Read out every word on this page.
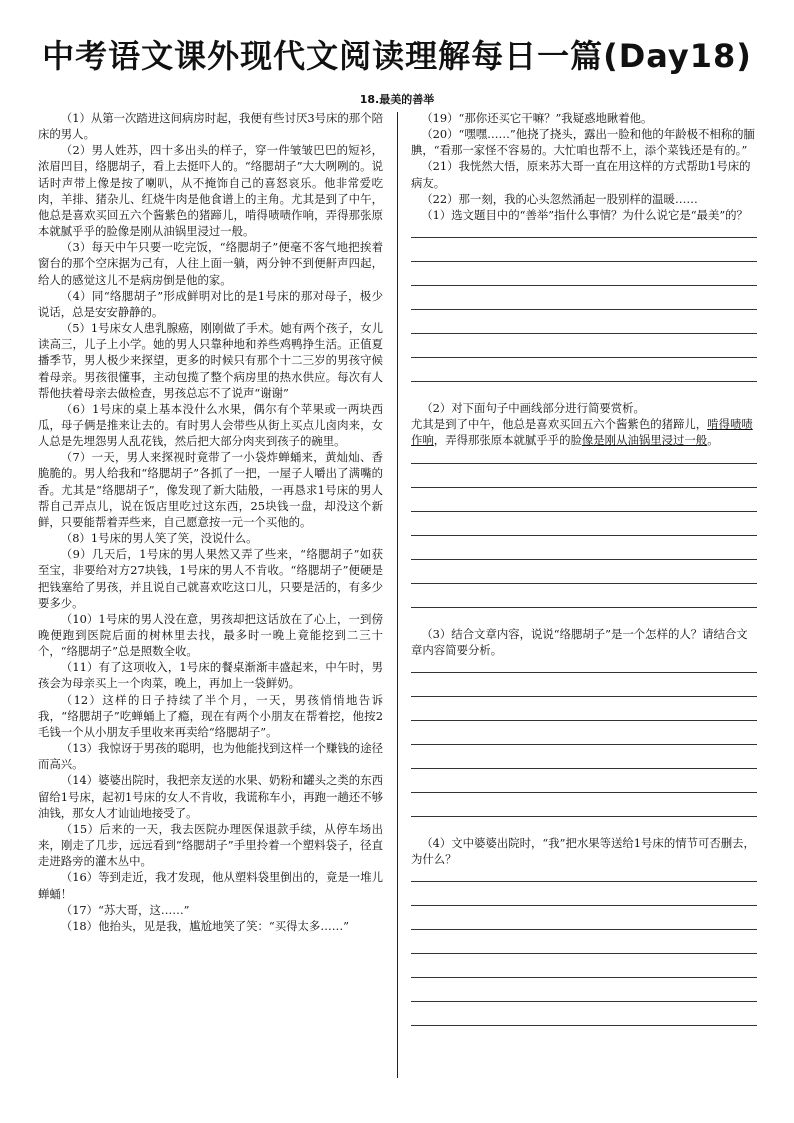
中考语文课外现代文阅读理解每日一篇(Day18)
18.最美的善举

（1）从第一次踏进这间病房时起，我便有些讨厌3号床的那个陪床的男人。

（2）男人姓苏，四十多出头的样子，穿一件皱皱巴巴的短衫，浓眉凹目，络腮胡子，看上去挺吓人的。“络腮胡子”大大咧咧的。说话时声带上像是按了喇叭，从不掩饰自己的喜怒哀乐。他非常爱吃肉，羊排、猪杂儿、红烧牛肉是他食谱上的主角。尤其是到了中午，他总是喜欢买回五六个酱紫色的猪蹄儿，啃得啧啧作响，弄得那张原本就腻乎乎的脸像是刚从油锅里浸过一般。

（3）每天中午只要一吃完饭，“络腮胡子”便毫不客气地把挨着窗台的那个空床据为己有，人往上面一躺，两分钟不到便鼾声四起，给人的感觉这儿不是病房倒是他的家。

（4）同“络腮胡子”形成鲜明对比的是1号床的那对母子，极少说话，总是安安静静的。

（5）1号床女人患乳腺癌，刚刚做了手术。她有两个孩子，女儿读高三，儿子上小学。她的男人只靠种地和养些鸡鸭挣生活。正值夏播季节，男人极少来探望，更多的时候只有那个十二三岁的男孩守候着母亲。男孩很懂事，主动包揽了整个病房里的热水供应。每次有人帮他扶着母亲去做检查，男孩总忘不了说声“谢谢”

（6）1号床的桌上基本没什么水果，偶尔有个苹果或一两块西瓜，母子俩是推来让去的。有时男人会带些从街上买点儿卤肉来，女人总是先埋怨男人乱花钱，然后把大部分肉夹到孩子的碗里。

（7）一天，男人来探视时竟带了一小袋炸蝉蛹来，黄灿灿、香脆脆的。男人给我和“络腮胡子”各抓了一把，一屋子人嚼出了满嘴的香。尤其是“络腮胡子”，像发现了新大陆般，一再恳求1号床的男人帮自己弄点儿，说在饭店里吃过这东西，25块钱一盘，却没这个新鲜，只要能帮着弄些来，自己愿意按一元一个买他的。

（8）1号床的男人笑了笑，没说什么。

（9）几天后，1号床的男人果然又弄了些来，“络腮胡子”如获至宝，非要给对方27块钱，1号床的男人不肯收。“络腮胡子”便硬是把钱塞给了男孩，并且说自己就喜欢吃这口儿，只要是活的，有多少要多少。

（10）1号床的男人没在意，男孩却把这话放在了心上，一到傍晚便跑到医院后面的树林里去找，最多时一晚上竟能挖到二三十个，“络腮胡子”总是照数全收。

（11）有了这项收入，1号床的餐桌渐渐丰盛起来，中午时，男孩会为母亲买上一个肉菜，晚上，再加上一袋鲜奶。

（12）这样的日子持续了半个月，一天，男孩悄悄地告诉我，“络腮胡子”吃蝉蛹上了瘾，现在有两个小朋友在帮着挖，他按2毛钱一个从小朋友手里收来再卖给“络腮胡子”。

（13）我惊讶于男孩的聪明，也为他能找到这样一个赚钱的途径而高兴。

（14）婆婆出院时，我把亲友送的水果、奶粉和罐头之类的东西留给1号床，起初1号床的女人不肯收，我谎称车小，再跑一趟还不够油钱，那女人才讪讪地接受了。

（15）后来的一天，我去医院办理医保退款手续，从停车场出来，刚走了几步，远远看到“络腮胡子”手里拎着一个塑料袋子，径直走进路旁的灌木丛中。

（16）等到走近，我才发现，他从塑料袋里倒出的，竟是一堆儿蝉蛹！

（17）“苏大哥，这……”

（18）他抬头，见是我，尴尬地笑了笑：“买得太多……”

（19）“那你还买它干嘛？”我疑惑地瞅着他。

（20）“嘿嘿……”他挠了挠头，露出一脸和他的年龄极不相称的腼腆，“看那一家怪不容易的。大忙咱也帮不上，添个菜钱还是有的。”

（21）我恍然大悟，原来苏大哥一直在用这样的方式帮助1号床的病友。

（22）那一刻，我的心头忽然涌起一股别样的温暖……

（1）选文题目中的“善举”指什么事情？为什么说它是“最美”的？

（2）对下面句子中画线部分进行简要赏析。

尤其是到了中午，他总是喜欢买回五六个酱紫色的猪蹄儿，啃得啧啧作响，弄得那张原本就腻乎乎的脸像是刚从油锅里浸过一般。

（3）结合文章内容，说说“络腮胡子”是一个怎样的人？请结合文章内容简要分析。

（4）文中婆婆出院时，“我”把水果等送给1号床的情节可否删去，为什么？
